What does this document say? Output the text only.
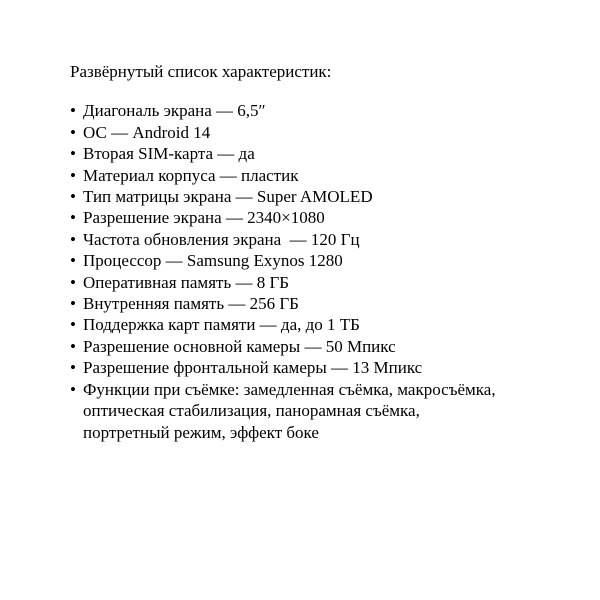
Развёрнутый список характеристик:
• Диагональ экрана — 6,5″
• ОС — Android 14
• Вторая SIM-карта — да
• Материал корпуса — пластик
• Тип матрицы экрана — Super AMOLED
• Разрешение экрана — 2340×1080
• Частота обновления экрана  — 120 Гц
• Процессор — Samsung Exynos 1280
• Оперативная память — 8 ГБ
• Внутренняя память — 256 ГБ
• Поддержка карт памяти — да, до 1 ТБ
• Разрешение основной камеры — 50 Мпикс
• Разрешение фронтальной камеры — 13 Мпикс
• Функции при съёмке: замедленная съёмка, макросъёмка,
оптическая стабилизация, панорамная съёмка,
портретный режим, эффект боке
